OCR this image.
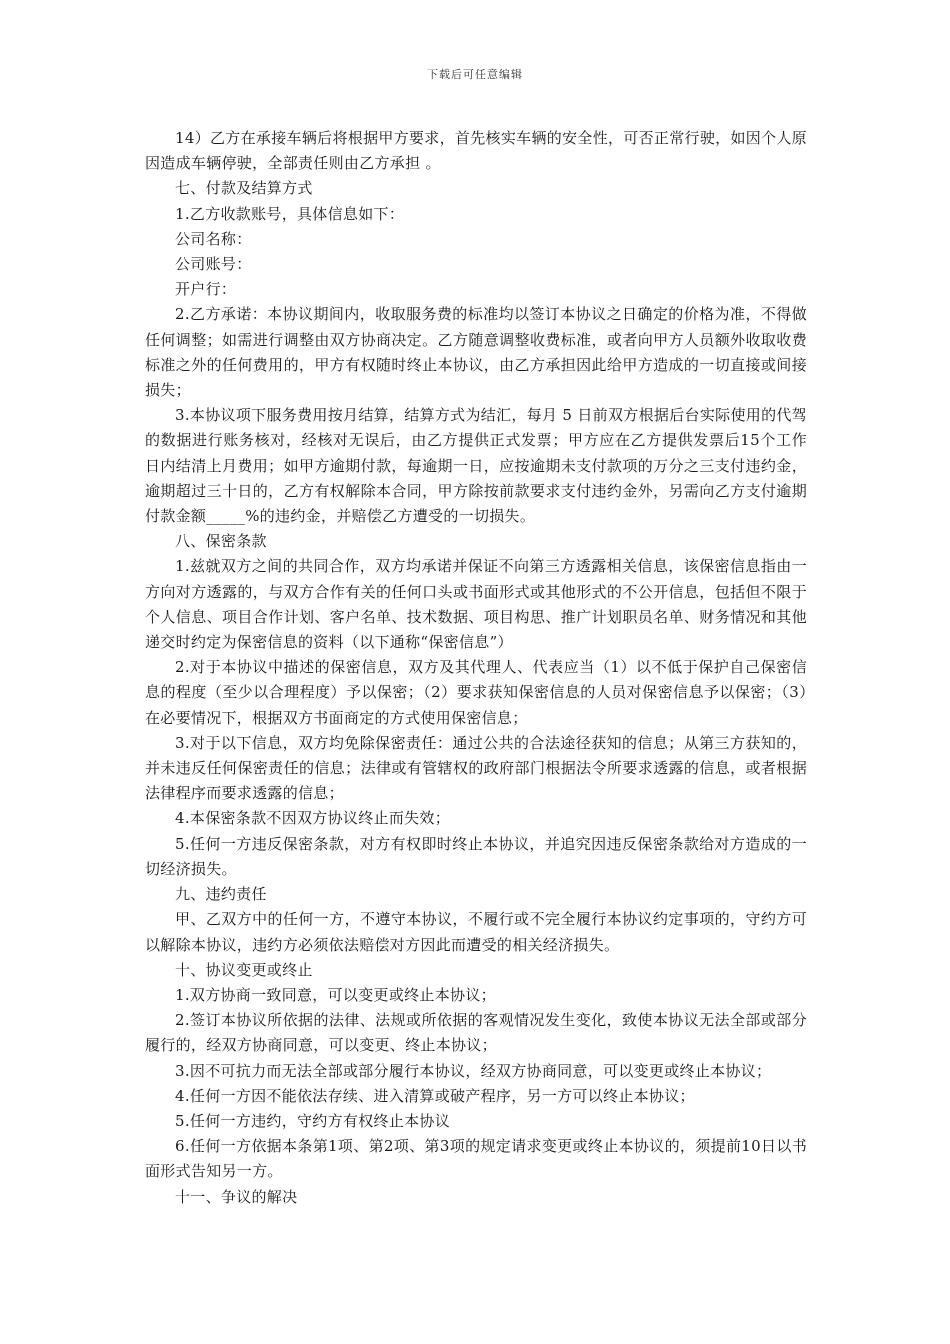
下载后可任意编辑

14）乙方在承接车辆后将根据甲方要求，首先核实车辆的安全性，可否正常行驶，如因个人原因造成车辆停驶，全部责任则由乙方承担 。

七、付款及结算方式

1.乙方收款账号，具体信息如下：

公司名称：

公司账号：

开户行：

2.乙方承诺：本协议期间内，收取服务费的标准均以签订本协议之日确定的价格为准，不得做任何调整；如需进行调整由双方协商决定。乙方随意调整收费标准，或者向甲方人员额外收取收费标准之外的任何费用的，甲方有权随时终止本协议，由乙方承担因此给甲方造成的一切直接或间接损失；

3.本协议项下服务费用按月结算，结算方式为结汇，每月 5 日前双方根据后台实际使用的代驾的数据进行账务核对，经核对无误后，由乙方提供正式发票；甲方应在乙方提供发票后15个工作日内结清上月费用；如甲方逾期付款，每逾期一日，应按逾期未支付款项的万分之三支付违约金，逾期超过三十日的，乙方有权解除本合同，甲方除按前款要求支付违约金外，另需向乙方支付逾期付款金额_____%的违约金，并赔偿乙方遭受的一切损失。

八、保密条款

1.兹就双方之间的共同合作，双方均承诺并保证不向第三方透露相关信息，该保密信息指由一方向对方透露的，与双方合作有关的任何口头或书面形式或其他形式的不公开信息，包括但不限于个人信息、项目合作计划、客户名单、技术数据、项目构思、推广计划职员名单、财务情况和其他递交时约定为保密信息的资料（以下通称“保密信息”）

2.对于本协议中描述的保密信息，双方及其代理人、代表应当（1）以不低于保护自己保密信息的程度（至少以合理程度）予以保密；（2）要求获知保密信息的人员对保密信息予以保密；（3）在必要情况下，根据双方书面商定的方式使用保密信息；

3.对于以下信息，双方均免除保密责任：通过公共的合法途径获知的信息；从第三方获知的，并未违反任何保密责任的信息；法律或有管辖权的政府部门根据法令所要求透露的信息，或者根据法律程序而要求透露的信息；

4.本保密条款不因双方协议终止而失效；

5.任何一方违反保密条款，对方有权即时终止本协议，并追究因违反保密条款给对方造成的一切经济损失。

九、违约责任

甲、乙双方中的任何一方，不遵守本协议，不履行或不完全履行本协议约定事项的，守约方可以解除本协议，违约方必须依法赔偿对方因此而遭受的相关经济损失。

十、协议变更或终止

1.双方协商一致同意，可以变更或终止本协议；

2.签订本协议所依据的法律、法规或所依据的客观情况发生变化，致使本协议无法全部或部分履行的，经双方协商同意，可以变更、终止本协议；

3.因不可抗力而无法全部或部分履行本协议，经双方协商同意，可以变更或终止本协议；

4.任何一方因不能依法存续、进入清算或破产程序，另一方可以终止本协议；

5.任何一方违约，守约方有权终止本协议

6.任何一方依据本条第1项、第2项、第3项的规定请求变更或终止本协议的，须提前10日以书面形式告知另一方。

十一、争议的解决
